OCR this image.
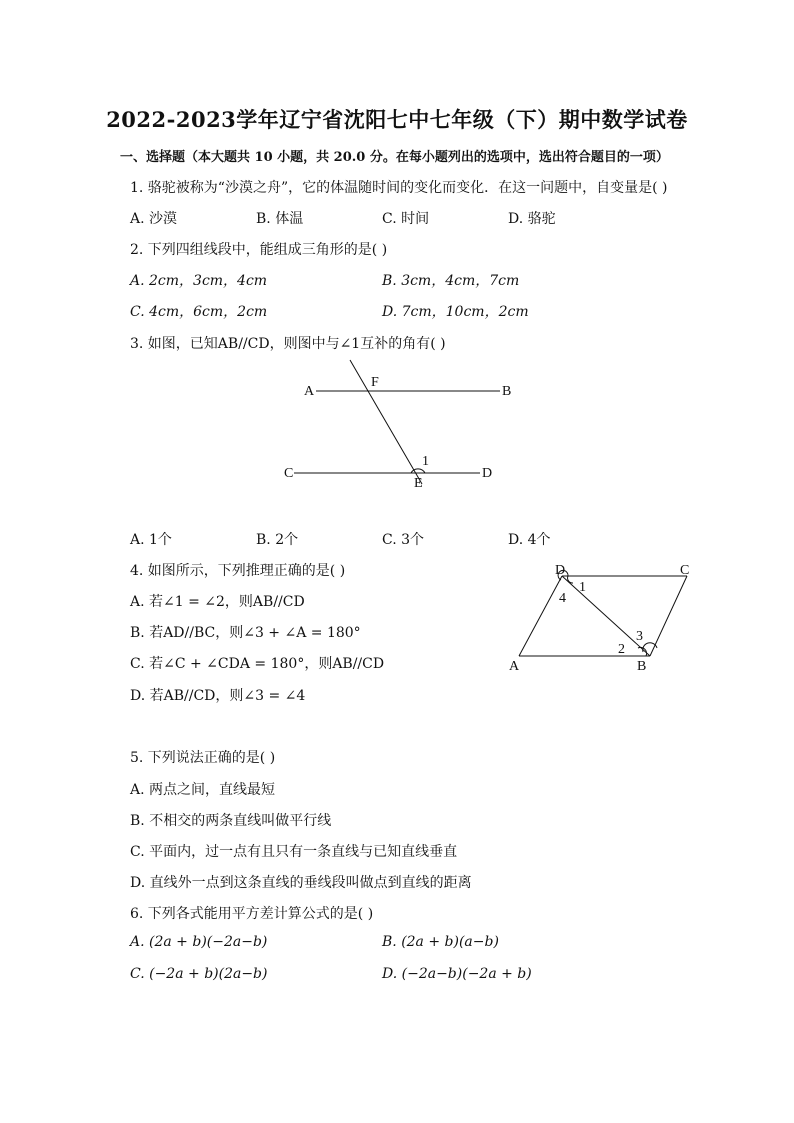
2022-2023学年辽宁省沈阳七中七年级（下）期中数学试卷
一、选择题（本大题共 10 小题，共 20.0 分。在每小题列出的选项中，选出符合题目的一项）
1. 骆驼被称为“沙漠之舟”，它的体温随时间的变化而变化．在这一问题中，自变量是( )
A. 沙漠	B. 体温	C. 时间	D. 骆驼
2. 下列四组线段中，能组成三角形的是( )
A. 2cm，3cm，4cm	B. 3cm，4cm，7cm
C. 4cm，6cm，2cm	D. 7cm，10cm，2cm
3. 如图，已知AB//CD，则图中与∠1互补的角有( )
A
F
B
C
E
D
1
A. 1个	B. 2个	C. 3个	D. 4个
4. 如图所示，下列推理正确的是( )
A. 若∠1 = ∠2，则AB//CD
B. 若AD//BC，则∠3 + ∠A = 180°
C. 若∠C + ∠CDA = 180°，则AB//CD
D. 若AB//CD，则∠3 = ∠4
D	C
1
4
3
2
A	B
5. 下列说法正确的是( )
A. 两点之间，直线最短
B. 不相交的两条直线叫做平行线
C. 平面内，过一点有且只有一条直线与已知直线垂直
D. 直线外一点到这条直线的垂线段叫做点到直线的距离
6. 下列各式能用平方差计算公式的是( )
A. (2a + b)(−2a−b)	B. (2a + b)(a−b)
C. (−2a + b)(2a−b)	D. (−2a−b)(−2a + b)
